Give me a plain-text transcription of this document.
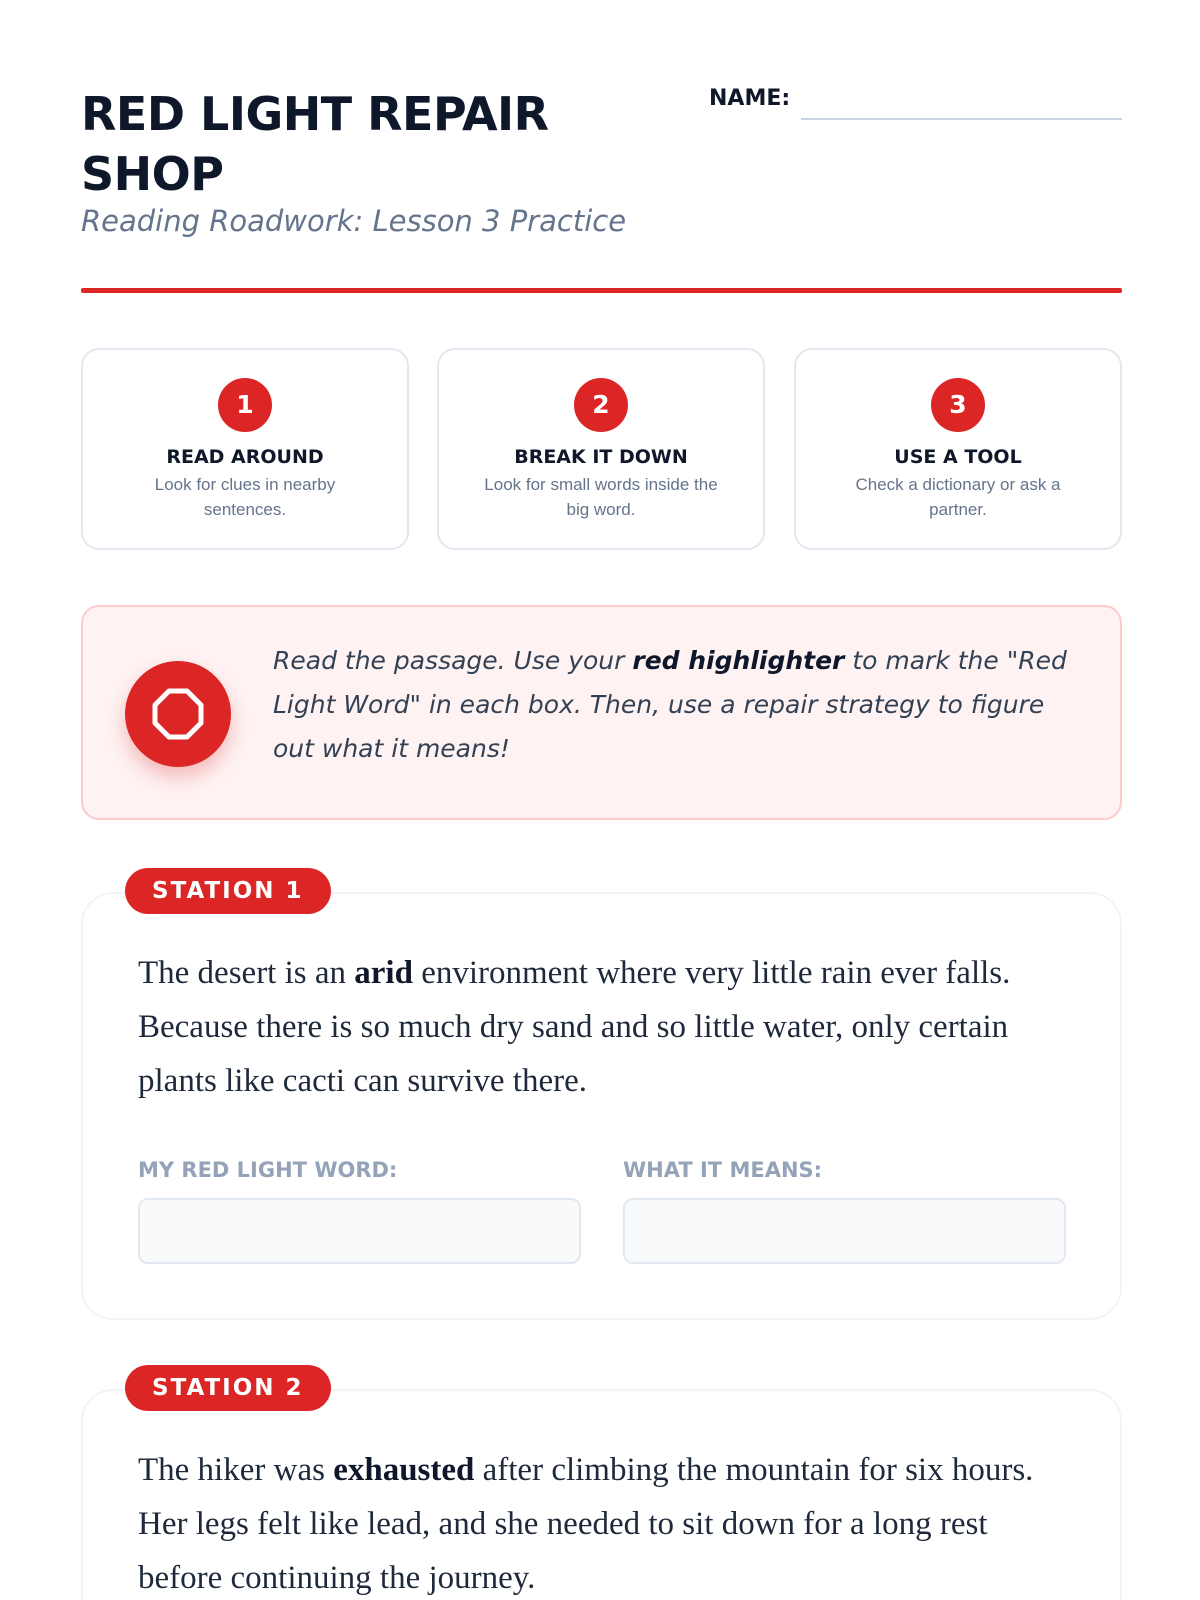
RED LIGHT REPAIR SHOP
Reading Roadwork: Lesson 3 Practice
NAME:
1
READ AROUND
Look for clues in nearby sentences.
2
BREAK IT DOWN
Look for small words inside the big word.
3
USE A TOOL
Check a dictionary or ask a partner.

Read the passage. Use your red highlighter to mark the "Red Light Word" in each box. Then, use a repair strategy to figure out what it means!

STATION 1

The desert is an arid environment where very little rain ever falls. Because there is so much dry sand and so little water, only certain plants like cacti can survive there.

MY RED LIGHT WORD:	WHAT IT MEANS:
STATION 2

The hiker was exhausted after climbing the mountain for six hours. Her legs felt like lead, and she needed to sit down for a long rest before continuing the journey.
